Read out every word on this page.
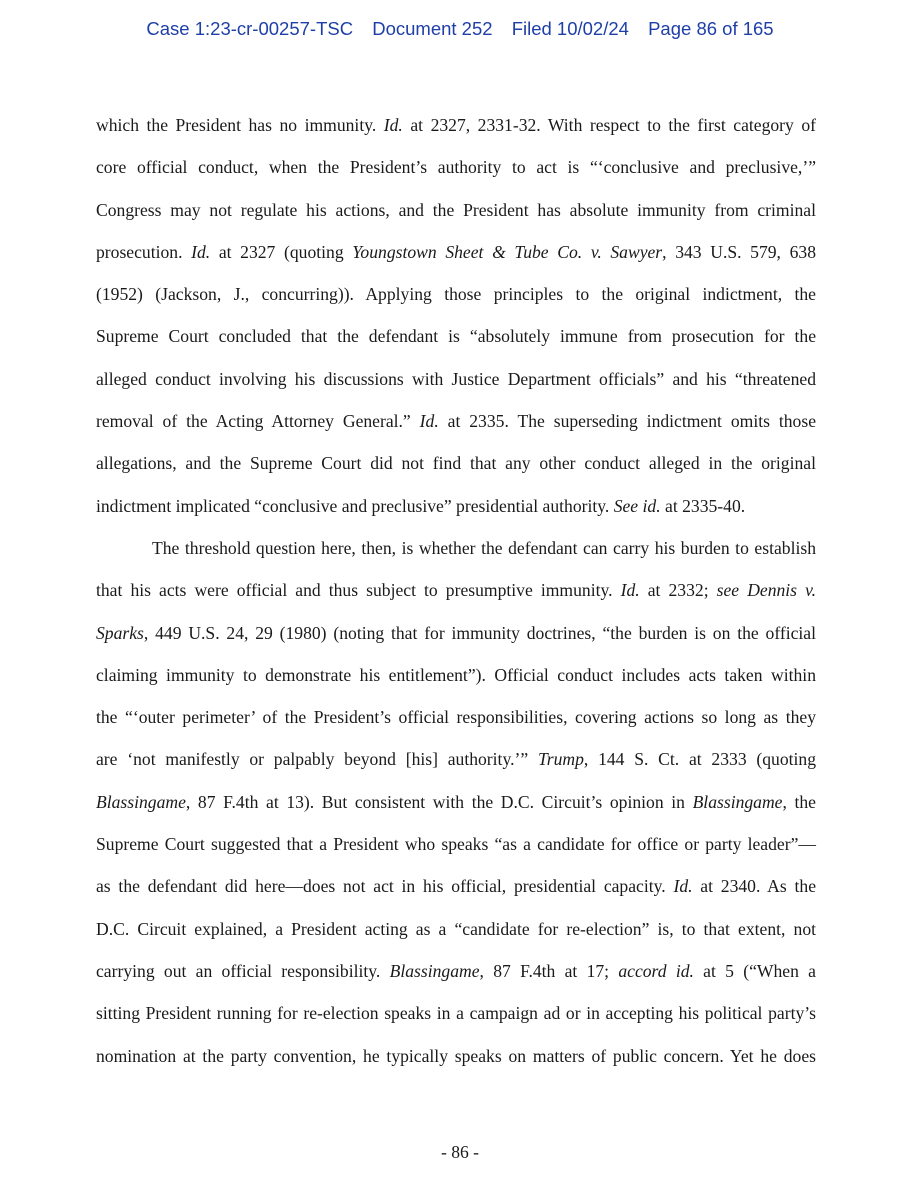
Case 1:23-cr-00257-TSC Document 252 Filed 10/02/24 Page 86 of 165
which the President has no immunity. Id. at 2327, 2331-32. With respect to the first category of
core official conduct, when the President’s authority to act is “‘conclusive and preclusive,’”
Congress may not regulate his actions, and the President has absolute immunity from criminal
prosecution. Id. at 2327 (quoting Youngstown Sheet & Tube Co. v. Sawyer, 343 U.S. 579, 638
(1952) (Jackson, J., concurring)). Applying those principles to the original indictment, the
Supreme Court concluded that the defendant is “absolutely immune from prosecution for the
alleged conduct involving his discussions with Justice Department officials” and his “threatened
removal of the Acting Attorney General.” Id. at 2335. The superseding indictment omits those
allegations, and the Supreme Court did not find that any other conduct alleged in the original
indictment implicated “conclusive and preclusive” presidential authority. See id. at 2335-40.
The threshold question here, then, is whether the defendant can carry his burden to establish
that his acts were official and thus subject to presumptive immunity. Id. at 2332; see Dennis v.
Sparks, 449 U.S. 24, 29 (1980) (noting that for immunity doctrines, “the burden is on the official
claiming immunity to demonstrate his entitlement”). Official conduct includes acts taken within
the “‘outer perimeter’ of the President’s official responsibilities, covering actions so long as they
are ‘not manifestly or palpably beyond [his] authority.’” Trump, 144 S. Ct. at 2333 (quoting
Blassingame, 87 F.4th at 13). But consistent with the D.C. Circuit’s opinion in Blassingame, the
Supreme Court suggested that a President who speaks “as a candidate for office or party leader”—
as the defendant did here—does not act in his official, presidential capacity. Id. at 2340. As the
D.C. Circuit explained, a President acting as a “candidate for re-election” is, to that extent, not
carrying out an official responsibility. Blassingame, 87 F.4th at 17; accord id. at 5 (“When a
sitting President running for re-election speaks in a campaign ad or in accepting his political party’s
nomination at the party convention, he typically speaks on matters of public concern. Yet he does
- 86 -
